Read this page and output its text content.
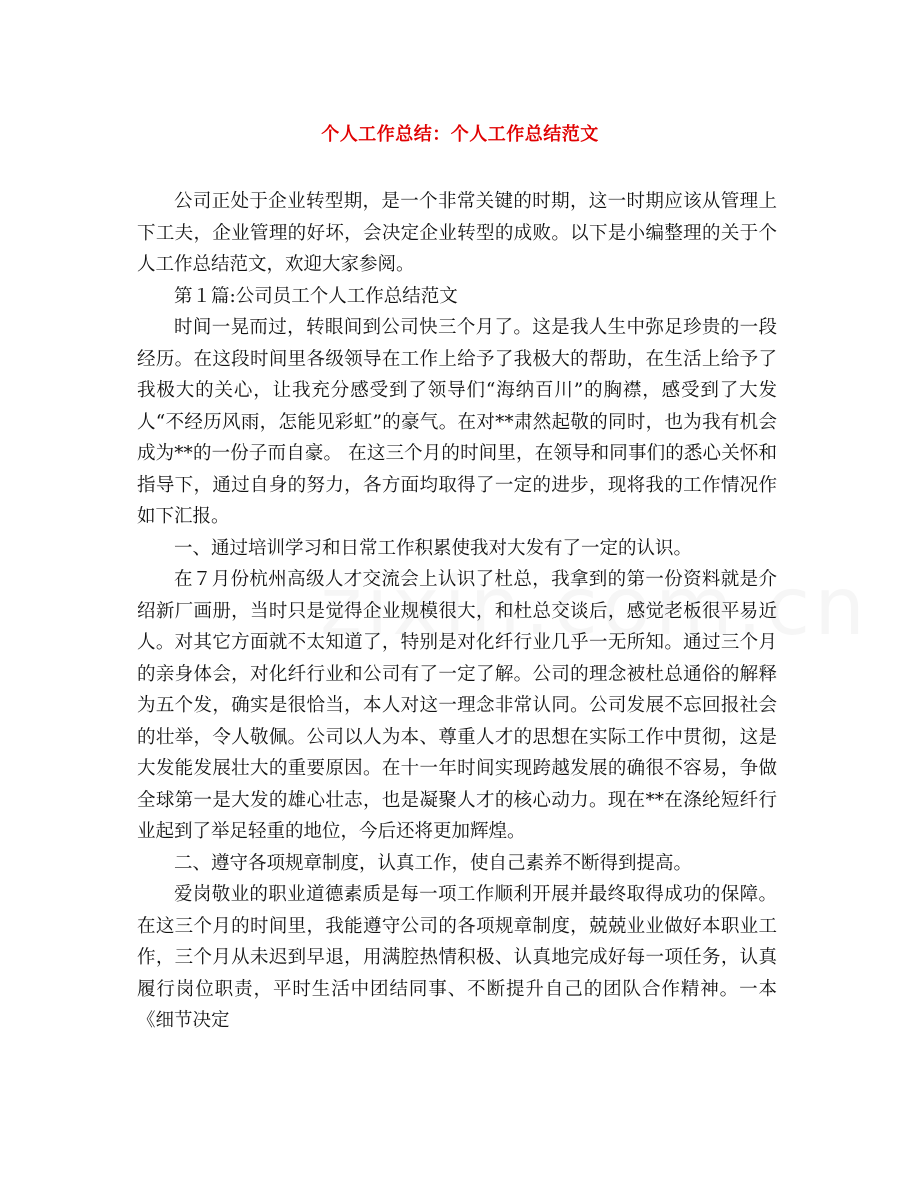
个人工作总结：个人工作总结范文

公司正处于企业转型期，是一个非常关键的时期，这一时期应该从管理上下工夫，企业管理的好坏，会决定企业转型的成败。以下是小编整理的关于个人工作总结范文，欢迎大家参阅。

第１篇:公司员工个人工作总结范文

时间一晃而过，转眼间到公司快三个月了。这是我人生中弥足珍贵的一段经历。在这段时间里各级领导在工作上给予了我极大的帮助，在生活上给予了我极大的关心，让我充分感受到了领导们“海纳百川”的胸襟，感受到了大发人“不经历风雨，怎能见彩虹”的豪气。在对**肃然起敬的同时，也为我有机会成为**的一份子而自豪。 在这三个月的时间里，在领导和同事们的悉心关怀和指导下，通过自身的努力，各方面均取得了一定的进步，现将我的工作情况作如下汇报。

一、通过培训学习和日常工作积累使我对大发有了一定的认识。

在７月份杭州高级人才交流会上认识了杜总，我拿到的第一份资料就是介绍新厂画册，当时只是觉得企业规模很大，和杜总交谈后，感觉老板很平易近人。对其它方面就不太知道了，特别是对化纤行业几乎一无所知。通过三个月的亲身体会，对化纤行业和公司有了一定了解。公司的理念被杜总通俗的解释为五个发，确实是很恰当，本人对这一理念非常认同。公司发展不忘回报社会的壮举，令人敬佩。公司以人为本、尊重人才的思想在实际工作中贯彻，这是大发能发展壮大的重要原因。在十一年时间实现跨越发展的确很不容易，争做全球第一是大发的雄心壮志，也是凝聚人才的核心动力。现在**在涤纶短纤行业起到了举足轻重的地位，今后还将更加辉煌。

二、遵守各项规章制度，认真工作，使自己素养不断得到提高。

爱岗敬业的职业道德素质是每一项工作顺利开展并最终取得成功的保障。在这三个月的时间里，我能遵守公司的各项规章制度，兢兢业业做好本职业工作，三个月从未迟到早退，用满腔热情积极、认真地完成好每一项任务，认真履行岗位职责，平时生活中团结同事、不断提升自己的团队合作精神。一本《细节决定
